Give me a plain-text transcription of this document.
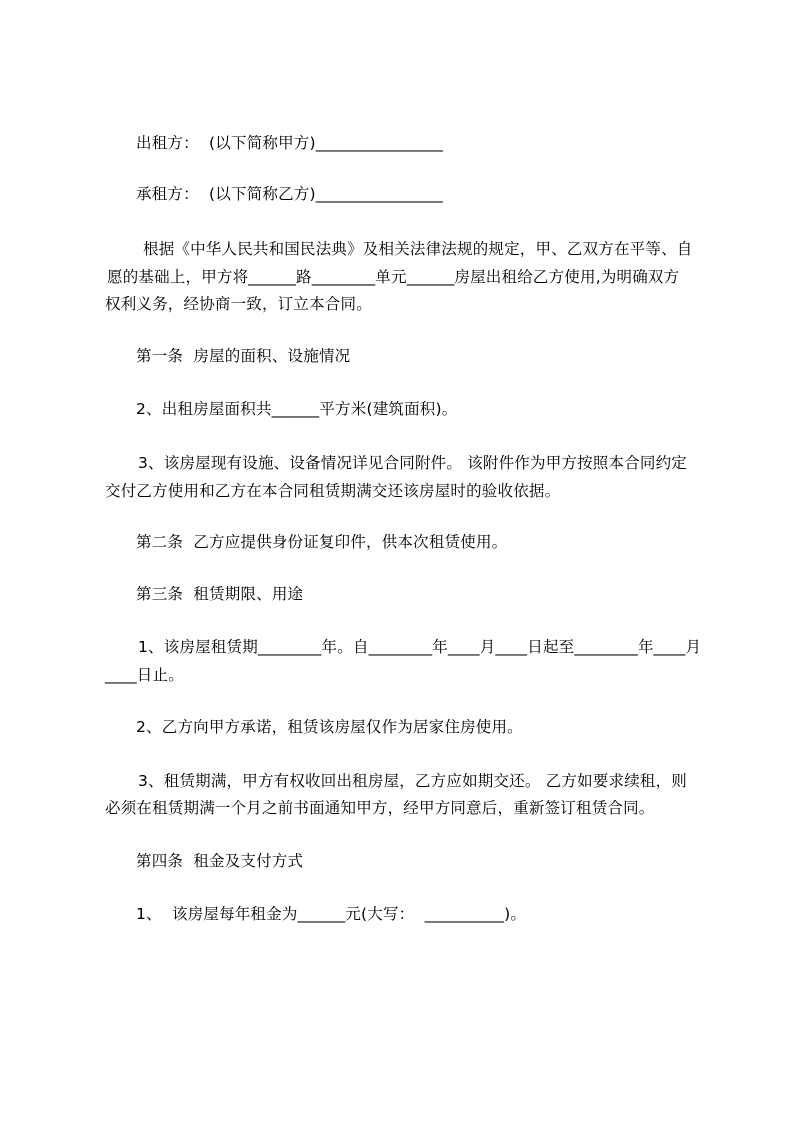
出租方：  (以下简称甲方)________________
承租方：  (以下简称乙方)________________
根据《中华人民共和国民法典》及相关法律法规的规定，甲、乙双方在平等、自
愿的基础上，甲方将______路________单元______房屋出租给乙方使用,为明确双方
权利义务，经协商一致，订立本合同。
第一条  房屋的面积、设施情况
2、出租房屋面积共______平方米(建筑面积)。
3、该房屋现有设施、设备情况详见合同附件。 该附件作为甲方按照本合同约定
交付乙方使用和乙方在本合同租赁期满交还该房屋时的验收依据。
第二条  乙方应提供身份证复印件，供本次租赁使用。
第三条  租赁期限、用途
1、该房屋租赁期________年。自________年____月____日起至________年____月
____日止。
2、乙方向甲方承诺，租赁该房屋仅作为居家住房使用。
3、租赁期满，甲方有权收回出租房屋，乙方应如期交还。 乙方如要求续租，则
必须在租赁期满一个月之前书面通知甲方，经甲方同意后，重新签订租赁合同。
第四条  租金及支付方式
1、  该房屋每年租金为______元(大写：  __________)。
